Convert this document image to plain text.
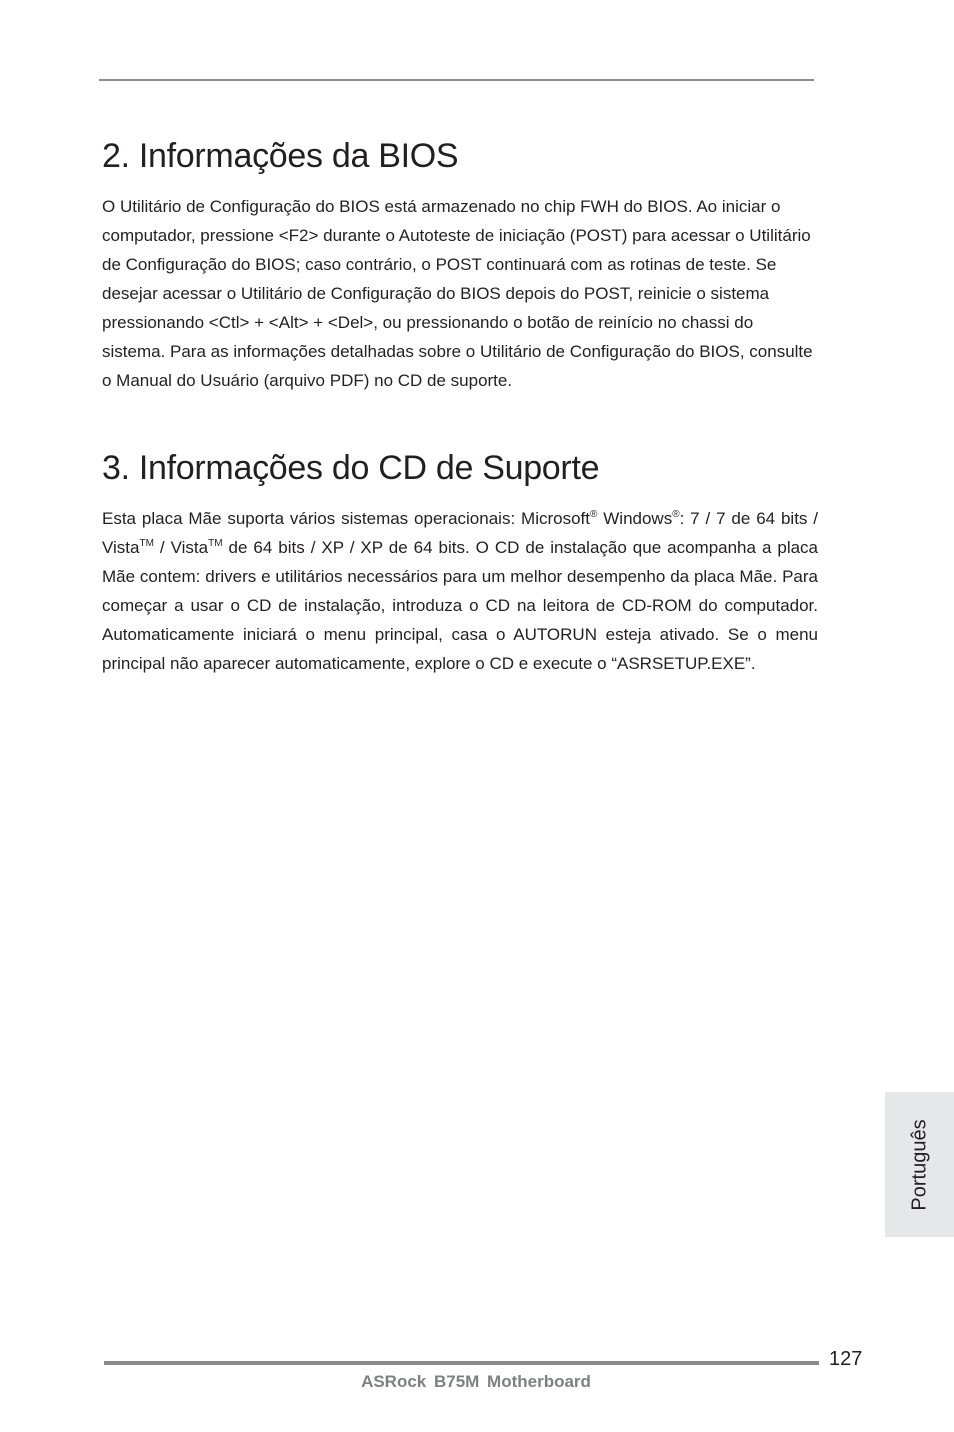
2. Informações da BIOS

O Utilitário de Configuração do BIOS está armazenado no chip FWH do BIOS. Ao iniciar o computador, pressione <F2> durante o Autoteste de iniciação (POST) para acessar o Utilitário de Configuração do BIOS; caso contrário, o POST continuará com as rotinas de teste. Se desejar acessar o Utilitário de Configuração do BIOS depois do POST, reinicie o sistema pressionando <Ctl> + <Alt> + <Del>, ou pressionando o botão de reinício no chassi do sistema. Para as informações detalhadas sobre o Utilitário de Configuração do BIOS, consulte o Manual do Usuário (arquivo PDF) no CD de suporte.

3. Informações do CD de Suporte

Esta placa Mãe suporta vários sistemas operacionais: Microsoft® Windows®: 7 / 7 de 64 bits / Vista™ / Vista™ de 64 bits / XP / XP de 64 bits. O CD de instalação que acompanha a placa Mãe contem: drivers e utilitários necessários para um melhor desempenho da placa Mãe. Para começar a usar o CD de instalação, introduza o CD na leitora de CD-ROM do computador. Automaticamente iniciará o menu principal, casa o AUTORUN esteja ativado. Se o menu principal não aparecer automaticamente, explore o CD e execute o “ASRSETUP.EXE”.

Português
127
ASRock B75M Motherboard
